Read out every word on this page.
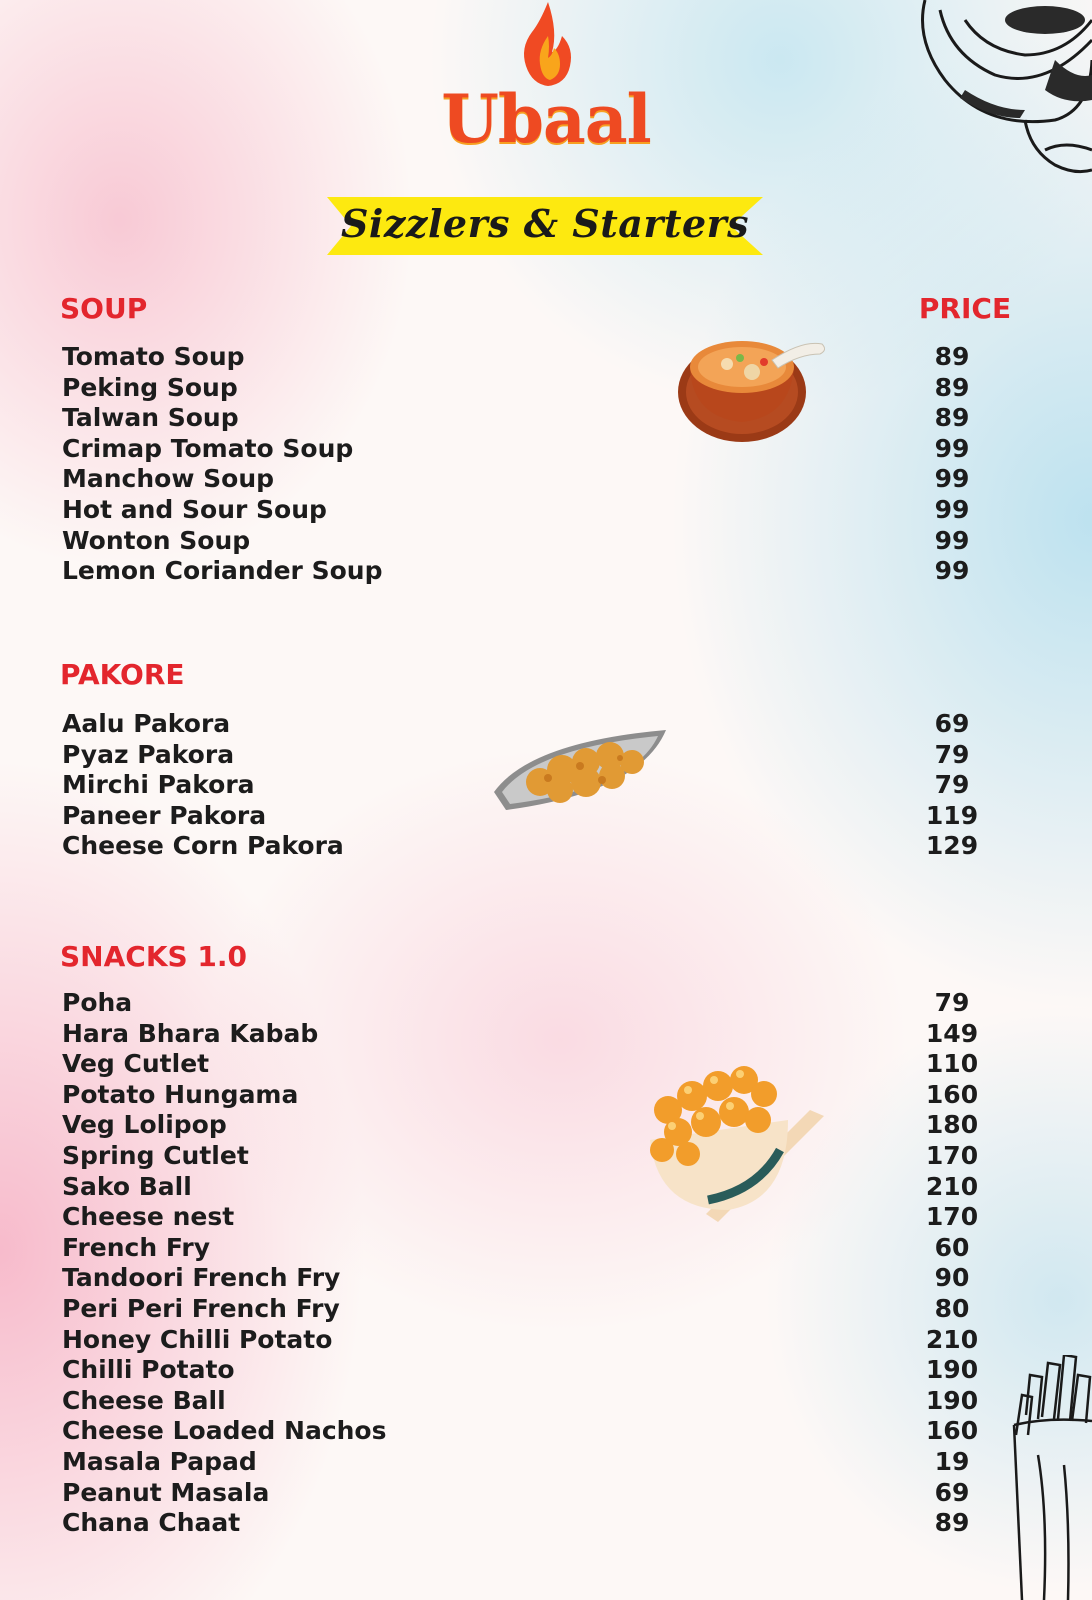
Ubaal
Sizzlers & Starters
PRICE
SOUP
Tomato Soup	89
Peking Soup	89
Talwan Soup	89
Crimap Tomato Soup	99
Manchow Soup	99
Hot and Sour Soup	99
Wonton Soup	99
Lemon Coriander Soup	99
PAKORE
Aalu Pakora	69
Pyaz Pakora	79
Mirchi Pakora	79
Paneer Pakora	119
Cheese Corn Pakora	129
SNACKS 1.0
Poha	79
Hara Bhara Kabab	149
Veg Cutlet	110
Potato Hungama	160
Veg Lolipop	180
Spring Cutlet	170
Sako Ball	210
Cheese nest	170
French Fry	60
Tandoori French Fry	90
Peri Peri French Fry	80
Honey Chilli Potato	210
Chilli Potato	190
Cheese Ball	190
Cheese Loaded Nachos	160
Masala Papad	19
Peanut Masala	69
Chana Chaat	89
